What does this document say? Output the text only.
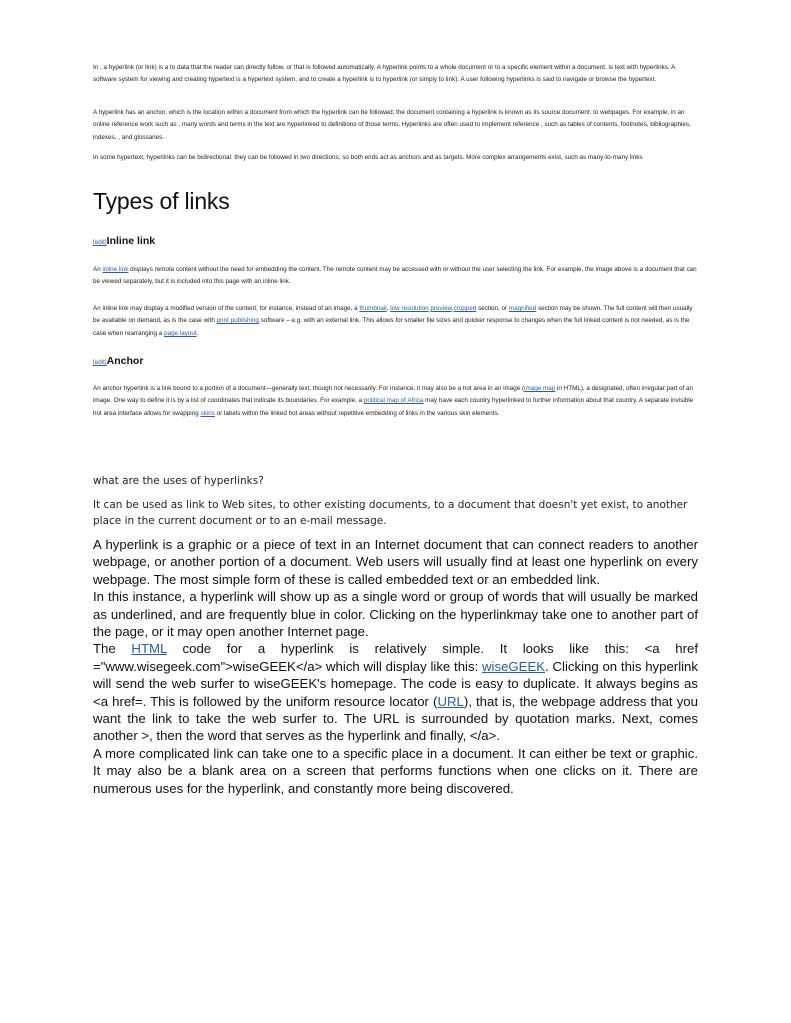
In , a hyperlink (or link) is a to data that the reader can directly follow, or that is followed automatically. A hyperlink points to a whole document or to a specific element within a document. is text with hyperlinks. A software system for viewing and creating hypertext is a hypertext system, and to create a hyperlink is to hyperlink (or simply to link). A user following hyperlinks is said to navigate or browse the hypertext.

A hyperlink has an anchor, which is the location within a document from which the hyperlink can be followed; the document containing a hyperlink is known as its source document. to webpages. For example, in an online reference work such as , many words and terms in the text are hyperlinked to definitions of those terms. Hyperlinks are often used to implement reference , such as tables of contents, footnotes, bibliographies, indexes, , and glossaries.

In some hypertext, hyperlinks can be bidirectional: they can be followed in two directions, so both ends act as anchors and as targets. More complex arrangements exist, such as many-to-many links

Types of links
[edit]Inline link

An inline link displays remote content without the need for embedding the content. The remote content may be accessed with or without the user selecting the link. For example, the image above is a document that can be viewed separately, but it is included into this page with an inline link.

An inline link may display a modified version of the content; for instance, instead of an image, a thumbnail, low resolution preview,cropped section, or magnified section may be shown. The full content will then usually be available on demand, as is the case with print publishing software – e.g. with an external link. This allows for smaller file sizes and quicker response to changes when the full linked content is not needed, as is the case when rearranging a page layout.

[edit]Anchor

An anchor hyperlink is a link bound to a portion of a document—generally text, though not necessarily. For instance, it may also be a hot area in an image (image map in HTML), a designated, often irregular part of an image. One way to define it is by a list of coordinates that indicate its boundaries. For example, a political map of Africa may have each country hyperlinked to further information about that country. A separate invisible hot area interface allows for swapping skins or labels within the linked hot areas without repetitive embedding of links in the various skin elements.

what are the uses of hyperlinks?

It can be used as link to Web sites, to other existing documents, to a document that doesn't yet exist, to another place in the current document or to an e-mail message.

A hyperlink is a graphic or a piece of text in an Internet document that can connect readers to another webpage, or another portion of a document. Web users will usually find at least one hyperlink on every webpage. The most simple form of these is called embedded text or an embedded link.

In this instance, a hyperlink will show up as a single word or group of words that will usually be marked as underlined, and are frequently blue in color. Clicking on the hyperlinkmay take one to another part of the page, or it may open another Internet page.

The HTML code for a hyperlink is relatively simple. It looks like this: <a href ="www.wisegeek.com">wiseGEEK</a> which will display like this: wiseGEEK. Clicking on this hyperlink will send the web surfer to wiseGEEK's homepage. The code is easy to duplicate. It always begins as <a href=. This is followed by the uniform resource locator (URL), that is, the webpage address that you want the link to take the web surfer to. The URL is surrounded by quotation marks. Next, comes another >, then the word that serves as the hyperlink and finally, </a>.

A more complicated link can take one to a specific place in a document. It can either be text or graphic. It may also be a blank area on a screen that performs functions when one clicks on it. There are numerous uses for the hyperlink, and constantly more being discovered.
